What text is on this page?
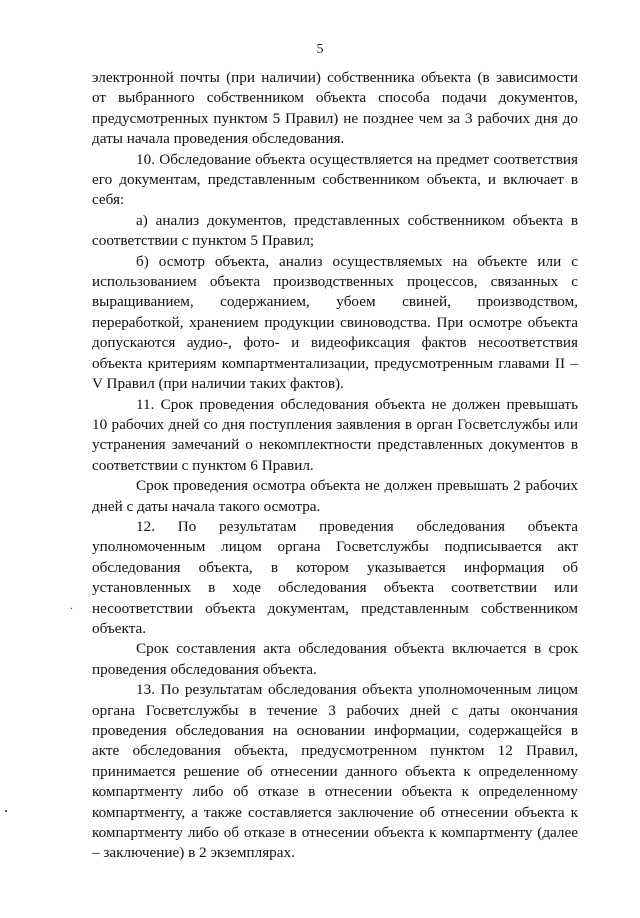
5

электронной почты (при наличии) собственника объекта (в зависимости от выбранного собственником объекта способа подачи документов, предусмотренных пунктом 5 Правил) не позднее чем за 3 рабочих дня до даты начала проведения обследования.

10. Обследование объекта осуществляется на предмет соответствия его документам, представленным собственником объекта, и включает в себя:

а) анализ документов, представленных собственником объекта в соответствии с пунктом 5 Правил;

б) осмотр объекта, анализ осуществляемых на объекте или с использованием объекта производственных процессов, связанных с выращиванием, содержанием, убоем свиней, производством, переработкой, хранением продукции свиноводства. При осмотре объекта допускаются аудио-, фото- и видеофиксация фактов несоответствия объекта критериям компартментализации, предусмотренным главами II – V Правил (при наличии таких фактов).

11. Срок проведения обследования объекта не должен превышать 10 рабочих дней со дня поступления заявления в орган Госветслужбы или устранения замечаний о некомплектности представленных документов в соответствии с пунктом 6 Правил.

Срок проведения осмотра объекта не должен превышать 2 рабочих дней с даты начала такого осмотра.

12. По результатам проведения обследования объекта уполномоченным лицом органа Госветслужбы подписывается акт обследования объекта, в котором указывается информация об установленных в ходе обследования объекта соответствии или несоответствии объекта документам, представленным собственником объекта.

Срок составления акта обследования объекта включается в срок проведения обследования объекта.

13. По результатам обследования объекта уполномоченным лицом органа Госветслужбы в течение 3 рабочих дней с даты окончания проведения обследования на основании информации, содержащейся в акте обследования объекта, предусмотренном пунктом 12 Правил, принимается решение об отнесении данного объекта к определенному компартменту либо об отказе в отнесении объекта к определенному компартменту, а также составляется заключение об отнесении объекта к компартменту либо об отказе в отнесении объекта к компартменту (далее – заключение) в 2 экземплярах.

·
